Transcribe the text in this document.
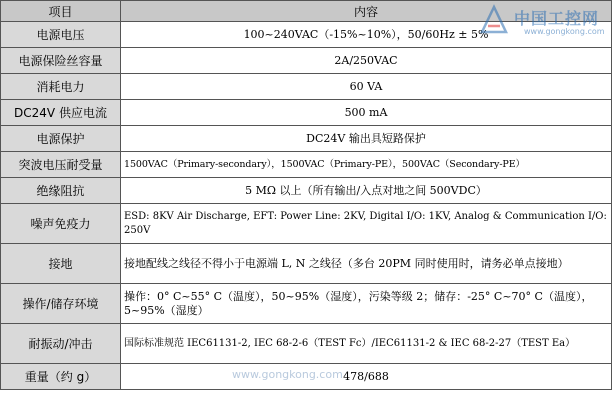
项目	内容
电源电压	100~240VAC（-15%~10%），50/60Hz ± 5%
电源保险丝容量	2A/250VAC
消耗电力	60 VA
DC24V 供应电流	500 mA
电源保护	DC24V 输出具短路保护
突波电压耐受量	1500VAC（Primary-secondary），1500VAC（Primary-PE），500VAC（Secondary-PE）
绝缘阻抗	5 MΩ 以上（所有输出/入点对地之间 500VDC）
噪声免疫力	ESD: 8KV Air Discharge, EFT: Power Line: 2KV, Digital I/O: 1KV, Analog & Communication I/O: 250V
接地	接地配线之线径不得小于电源端 L, N 之线径（多台 20PM 同时使用时，请务必单点接地）
操作/储存环境	操作：0° C~55° C（温度），50~95%（湿度），污染等级 2；储存：-25° C~70° C（温度），5~95%（湿度）
耐振动/冲击	国际标准规范 IEC61131-2, IEC 68-2-6（TEST Fc）/IEC61131-2 & IEC 68-2-27（TEST Ea）
重量（约 g）	478/688
中国工控网
www.gongkong.com
www.gongkong.com
